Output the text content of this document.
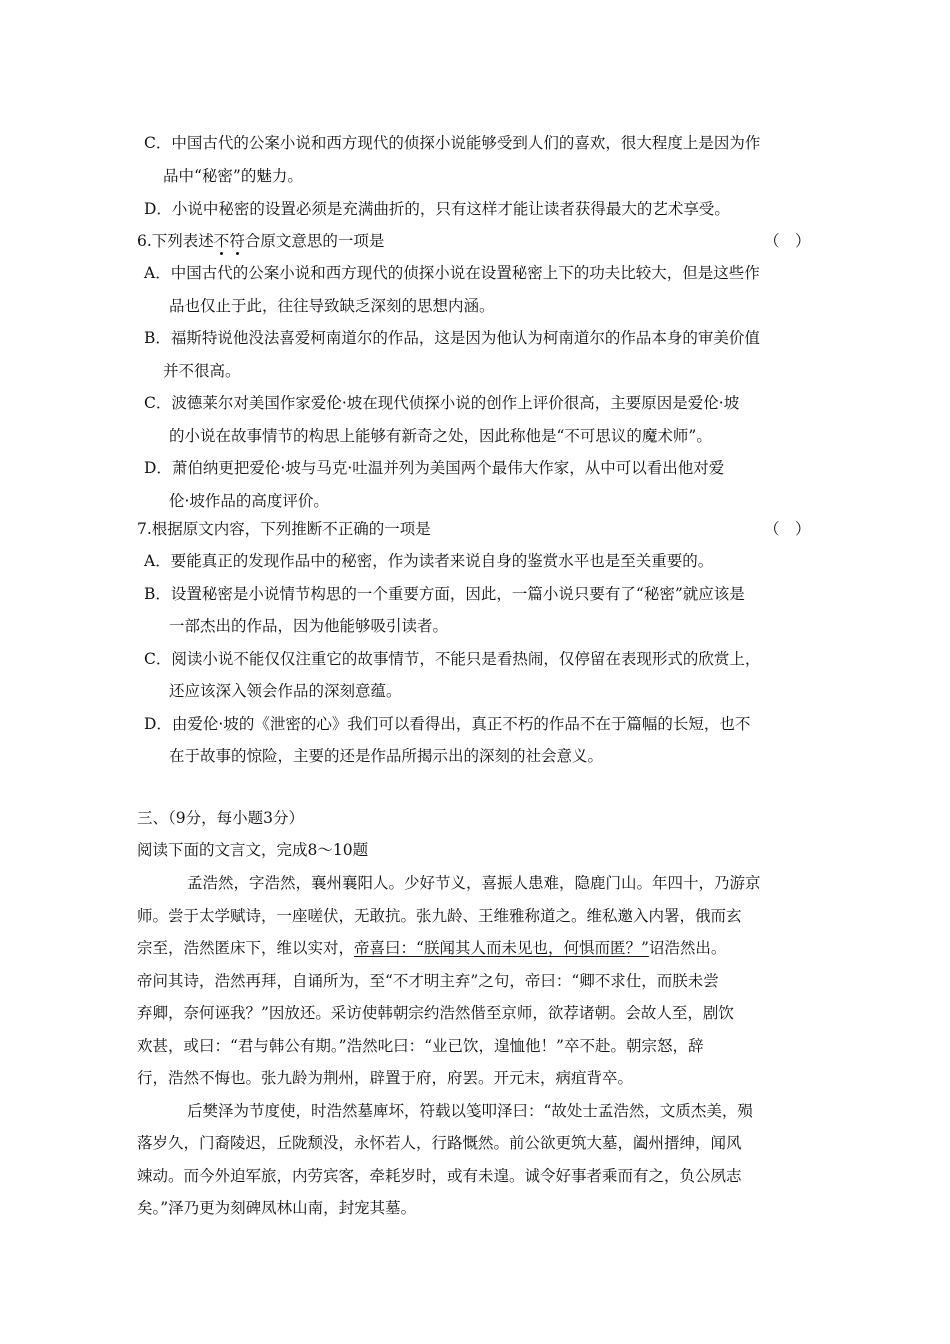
C．中国古代的公案小说和西方现代的侦探小说能够受到人们的喜欢，很大程度上是因为作
品中“秘密”的魅力。
D．小说中秘密的设置必须是充满曲折的，只有这样才能让读者获得最大的艺术享受。
6.下列表述不符合原文意思的一项是	（　）
A．中国古代的公案小说和西方现代的侦探小说在设置秘密上下的功夫比较大，但是这些作
品也仅止于此，往往导致缺乏深刻的思想内涵。
B．福斯特说他没法喜爱柯南道尔的作品，这是因为他认为柯南道尔的作品本身的审美价值
并不很高。
C．波德莱尔对美国作家爱伦·坡在现代侦探小说的创作上评价很高，主要原因是爱伦·坡
的小说在故事情节的构思上能够有新奇之处，因此称他是“不可思议的魔术师”。
D．萧伯纳更把爱伦·坡与马克·吐温并列为美国两个最伟大作家，从中可以看出他对爱
伦·坡作品的高度评价。
7.根据原文内容，下列推断不正确的一项是	（　）
A．要能真正的发现作品中的秘密，作为读者来说自身的鉴赏水平也是至关重要的。
B．设置秘密是小说情节构思的一个重要方面，因此，一篇小说只要有了“秘密”就应该是
一部杰出的作品，因为他能够吸引读者。
C．阅读小说不能仅仅注重它的故事情节，不能只是看热闹，仅停留在表现形式的欣赏上，
还应该深入领会作品的深刻意蕴。
D．由爱伦·坡的《泄密的心》我们可以看得出，真正不朽的作品不在于篇幅的长短，也不
在于故事的惊险，主要的还是作品所揭示出的深刻的社会意义。
三、（9分，每小题3分）
阅读下面的文言文，完成8～10题
孟浩然，字浩然，襄州襄阳人。少好节义，喜振人患难，隐鹿门山。年四十，乃游京
师。尝于太学赋诗，一座嗟伏，无敢抗。张九龄、王维雅称道之。维私邀入内署，俄而玄
宗至，浩然匿床下，维以实对，帝喜曰：“朕闻其人而未见也，何惧而匿？”诏浩然出。
帝问其诗，浩然再拜，自诵所为，至“不才明主弃”之句，帝曰：“卿不求仕，而朕未尝
弃卿，奈何诬我？”因放还。采访使韩朝宗约浩然偕至京师，欲荐诸朝。会故人至，剧饮
欢甚，或曰：“君与韩公有期。”浩然叱曰：“业已饮，遑恤他！”卒不赴。朝宗怒，辞
行，浩然不悔也。张九龄为荆州，辟置于府，府罢。开元末，病疽背卒。
后樊泽为节度使，时浩然墓庳坏，符载以笺叩泽曰：“故处士孟浩然，文质杰美，殒
落岁久，门裔陵迟，丘陇颓没，永怀若人，行路慨然。前公欲更筑大墓，阖州搢绅，闻风
竦动。而今外迫军旅，内劳宾客，牵耗岁时，或有未遑。诚令好事者乘而有之，负公夙志
矣。”泽乃更为刻碑凤林山南，封宠其墓。
